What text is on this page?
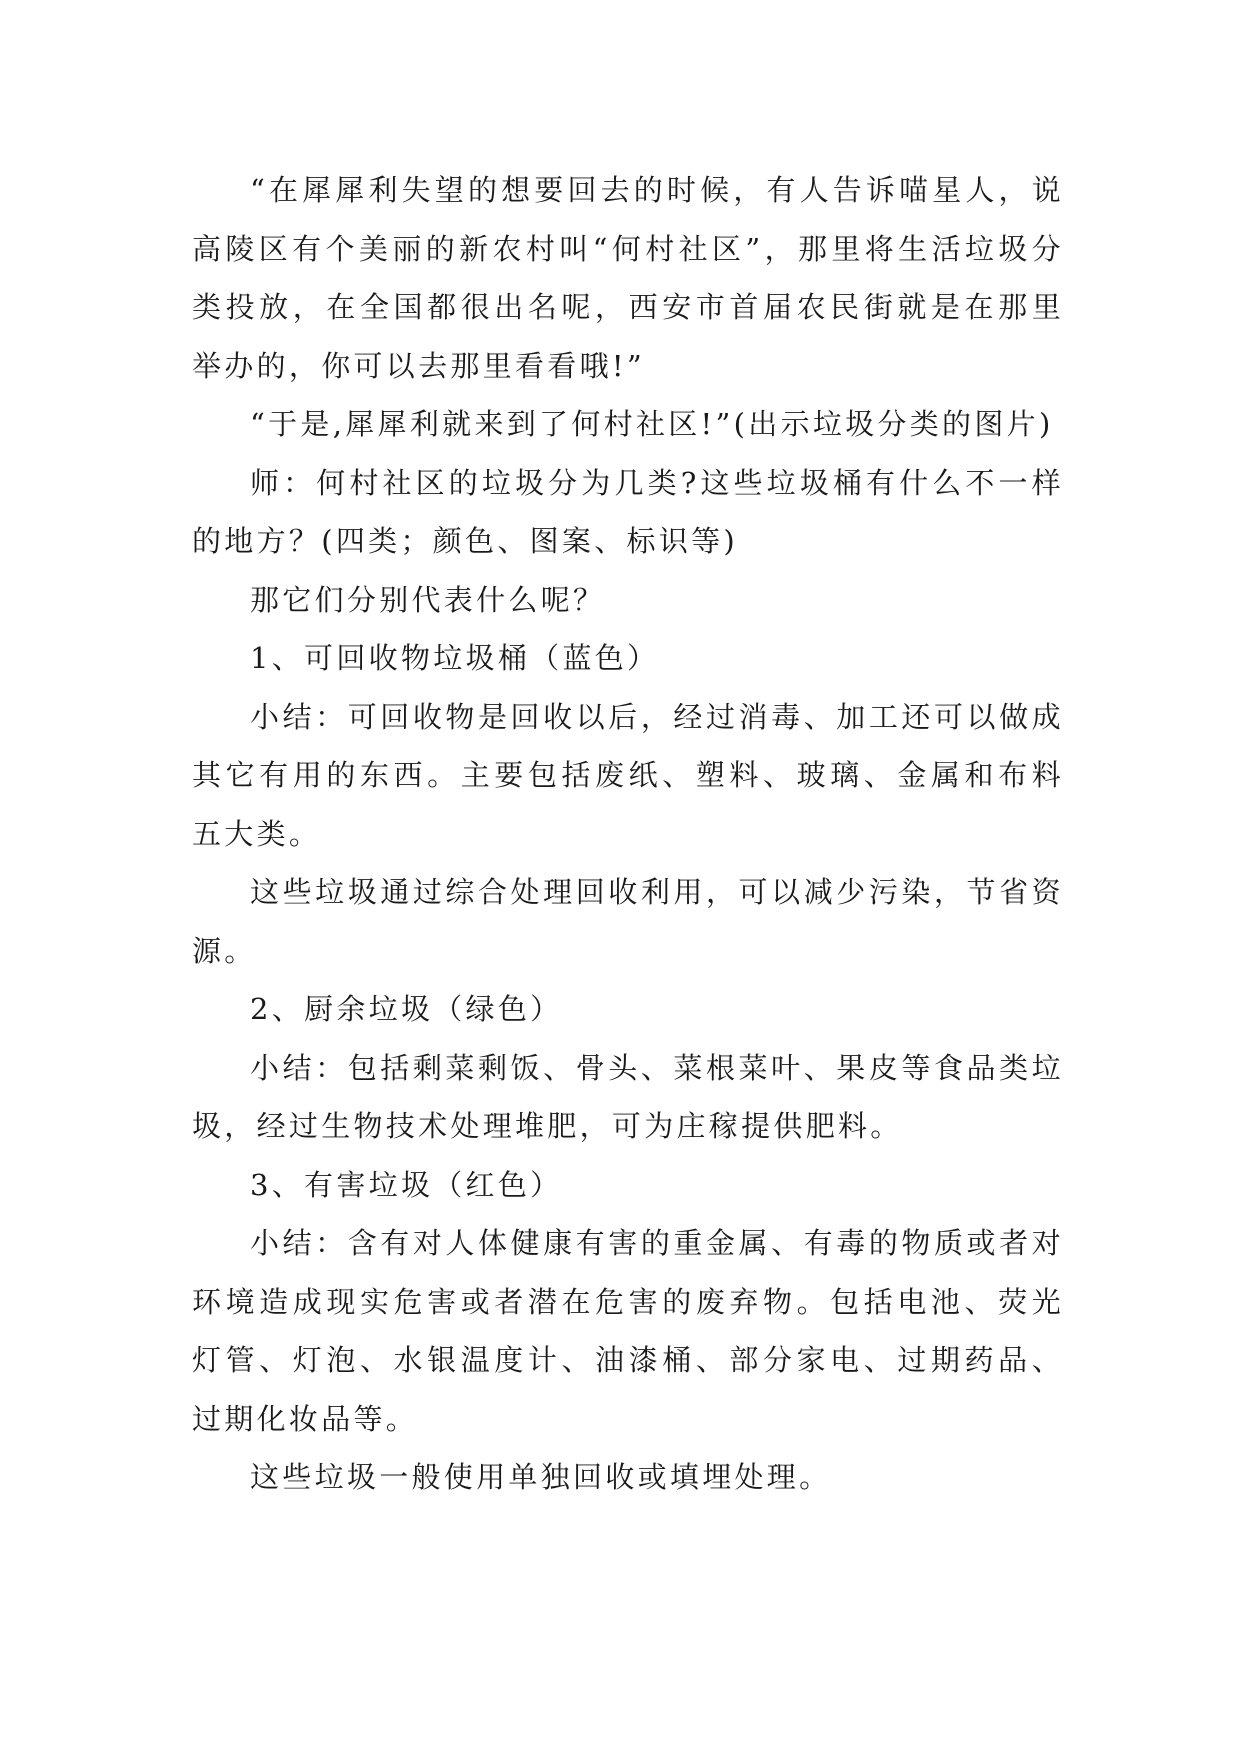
“在犀犀利失望的想要回去的时候，有人告诉喵星人，说高陵区有个美丽的新农村叫“何村社区”，那里将生活垃圾分类投放，在全国都很出名呢，西安市首届农民街就是在那里举办的，你可以去那里看看哦!”

“于是,犀犀利就来到了何村社区!”(出示垃圾分类的图片)

师：何村社区的垃圾分为几类?这些垃圾桶有什么不一样的地方？(四类；颜色、图案、标识等)

那它们分别代表什么呢？

1、可回收物垃圾桶（蓝色）

小结：可回收物是回收以后，经过消毒、加工还可以做成其它有用的东西。主要包括废纸、塑料、玻璃、金属和布料五大类。

这些垃圾通过综合处理回收利用，可以减少污染，节省资源。

2、厨余垃圾（绿色）

小结：包括剩菜剩饭、骨头、菜根菜叶、果皮等食品类垃圾，经过生物技术处理堆肥，可为庄稼提供肥料。

3、有害垃圾（红色）

小结：含有对人体健康有害的重金属、有毒的物质或者对环境造成现实危害或者潜在危害的废弃物。包括电池、荧光灯管、灯泡、水银温度计、油漆桶、部分家电、过期药品、过期化妆品等。

这些垃圾一般使用单独回收或填埋处理。
